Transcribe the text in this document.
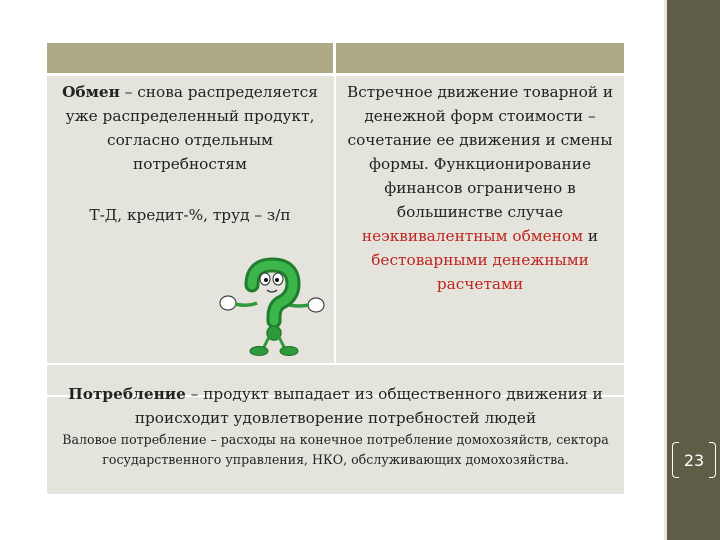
Обмен – снова распределяется уже распределенный продукт, согласно отдельным потребностям
Т-Д, кредит-%, труд – з/п
Встречное движение товарной и денежной форм стоимости – сочетание ее движения и смены формы. Функционирование финансов ограничено в большинстве случае неэквивалентным обменом и бестоварными денежными расчетами
Потребление – продукт выпадает из общественного движения и происходит удовлетворение потребностей людей
Валовое потребление – расходы на конечное потребление домохозяйств, сектора государственного управления, НКО, обслуживающих домохозяйства.	23
